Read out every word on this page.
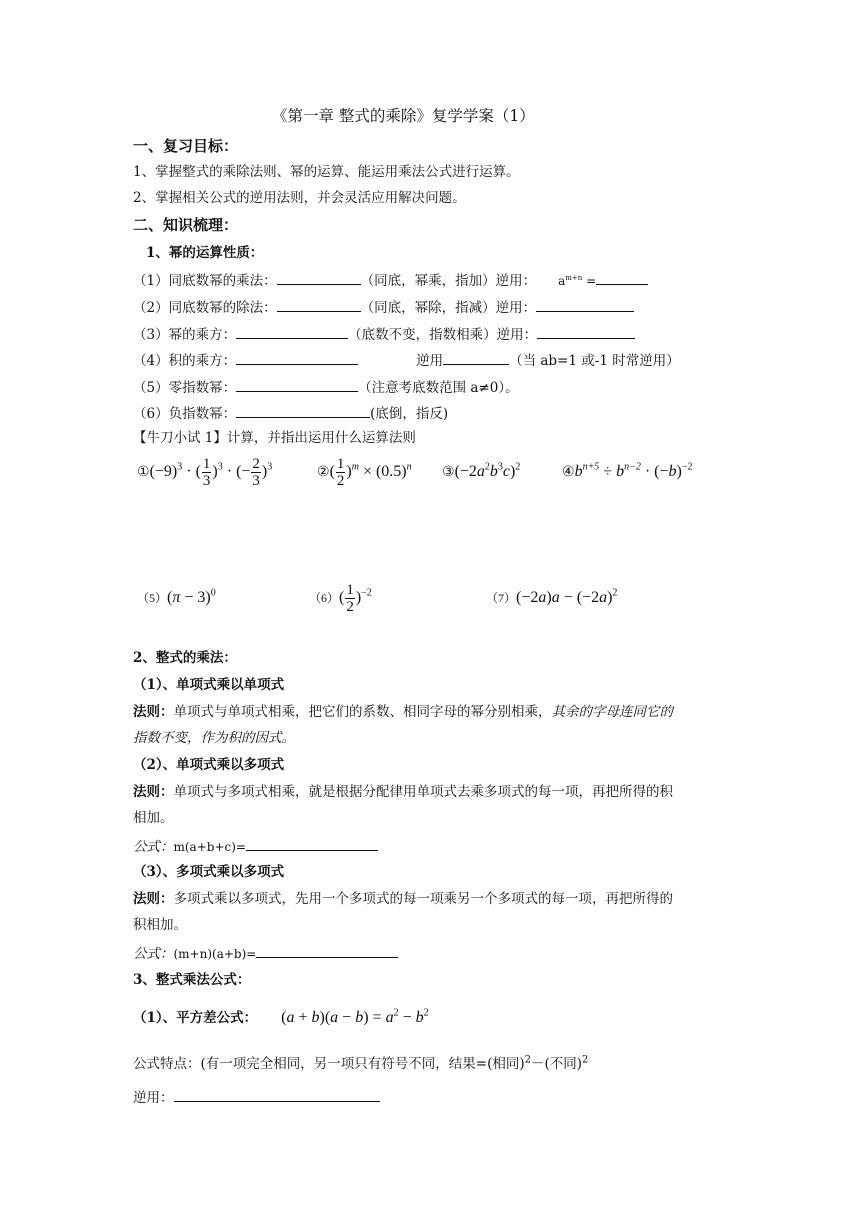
《第一章 整式的乘除》复学学案（1）
一、复习目标：
1、掌握整式的乘除法则、幂的运算、能运用乘法公式进行运算。
2、掌握相关公式的逆用法则，并会灵活应用解决问题。
二、知识梳理：
1、幂的运算性质：
（1）同底数幂的乘法：	（同底，幂乘，指加）逆用： $a^{m+n}$ =
（2）同底数幂的除法：	（同底，幂除，指减）逆用：
（3）幂的乘方：	（底数不变，指数相乘）逆用：
（4）积的乘方：	逆用	（当 ab=1 或-1 时常逆用）
（5）零指数幂：	（注意考底数范围 a≠0）。
（6）负指数幂：	(底倒，指反)
【牛刀小试 1】计算，并指出运用什么运算法则
$①(-9)^3$ · ( $\frac{1}{3} )^3$ · (− $\frac{2}{3} )^3$	②( $\frac{1}{2} )^m \times (0.5)^n$ $③(-2a^2b^3c)^2$	$④b^{n+5} \div b^{n-2} \cdot (-b)^{-2}$
$(5)(\pi - 3)^0$	$(6)( \frac{1}{2} )^{-2}$	$(7)(-2a)a - (-2a)^2$
2、整式的乘法：
（1）、单项式乘以单项式
法则：单项式与单项式相乘，把它们的系数、相同字母的幂分别相乘，其余的字母连同它的
指数不变，作为积的因式。
（2）、单项式乘以多项式
法则：单项式与多项式相乘，就是根据分配律用单项式去乘多项式的每一项，再把所得的积
相加。
公式：m(a+b+c)=
（3）、多项式乘以多项式
法则：多项式乘以多项式，先用一个多项式的每一项乘另一个多项式的每一项，再把所得的
积相加。
公式：(m+n)(a+b)=
3、整式乘法公式：
（1）、平方差公式： $(a + b)(a - b) = a^2 - b^2$
公式特点：(有一项完全相同，另一项只有符号不同，结果=(相同)$^2$－(不同)$^2$
逆用：
